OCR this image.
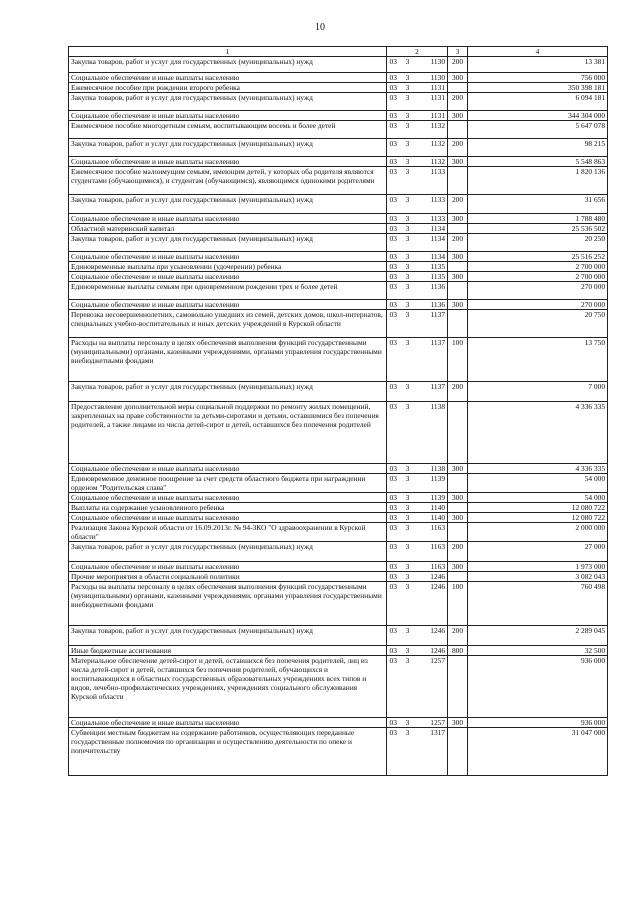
10
1	2			3	4
Закупка товаров, работ и услуг для государственных (муниципальных) нужд	03	3	1130	200	13 381
Социальное обеспечение и иные выплаты населению	03	3	1130	300	756 000
Ежемесячное пособие при рождении второго ребенка	03	3	1131		350 398 181
Закупка товаров, работ и услуг для государственных (муниципальных) нужд	03	3	1131	200	6 094 181
Социальное обеспечение и иные выплаты населению	03	3	1131	300	344 304 000
Ежемесячное пособие многодетным семьям, воспитывающим восемь и более детей	03	3	1132		5 647 078
Закупка товаров, работ и услуг для государственных (муниципальных) нужд	03	3	1132	200	98 215
Социальное обеспечение и иные выплаты населению	03	3	1132	300	5 548 863
Ежемесячное пособие малоимущим семьям, имеющим детей, у которых оба родителя являются студентами (обучающимися), и студентам (обучающимся), являющимся одинокими родителями	03	3	1133		1 820 136
Закупка товаров, работ и услуг для государственных (муниципальных) нужд	03	3	1133	200	31 656
Социальное обеспечение и иные выплаты населению	03	3	1133	300	1 788 480
Областной материнский капитал	03	3	1134		25 536 502
Закупка товаров, работ и услуг для государственных (муниципальных) нужд	03	3	1134	200	20 250
Социальное обеспечение и иные выплаты населению	03	3	1134	300	25 516 252
Единовременные выплаты при усыновлении (удочерении) ребенка	03	3	1135		2 700 000
Социальное обеспечение и иные выплаты населению	03	3	1135	300	2 700 000
Единовременные выплаты семьям при одновременном рождении трех и более детей	03	3	1136		270 000
Социальное обеспечение и иные выплаты населению	03	3	1136	300	270 000
Перевозка несовершеннолетних, самовольно ушедших из семей, детских домов, школ-интернатов, специальных учебно-воспитательных и иных детских учреждений в Курской области	03	3	1137		20 750
Расходы на выплаты персоналу в целях обеспечения выполнения функций государственными (муниципальными) органами, казенными учреждениями, органами управления государственными внебюджетными фондами	03	3	1137	100	13 750
Закупка товаров, работ и услуг для государственных (муниципальных) нужд	03	3	1137	200	7 000
Предоставление дополнительной меры социальной поддержки по ремонту жилых помещений, закрепленных на праве собственности за детьми-сиротами и детьми, оставшимися без попечения родителей, а также лицами из числа детей-сирот и детей, оставшихся без попечения родителей	03	3	1138		4 336 335
Социальное обеспечение и иные выплаты населению	03	3	1138	300	4 336 335
Единовременное денежное поощрение за счет средств областного бюджета при награждении орденом "Родительская слава"	03	3	1139		54 000
Социальное обеспечение и иные выплаты населению	03	3	1139	300	54 000
Выплаты на содержание усыновленного ребенка	03	3	1140		12 080 722
Социальное обеспечение и иные выплаты населению	03	3	1140	300	12 080 722
Реализация Закона Курской области от 16.09.2013г. № 94-ЗКО "О здравоохранении в Курской области"	03	3	1163		2 000 000
Закупка товаров, работ и услуг для государственных (муниципальных) нужд	03	3	1163	200	27 000
Социальное обеспечение и иные выплаты населению	03	3	1163	300	1 973 000
Прочие мероприятия в области социальной политики	03	3	1246		3 082 043
Расходы на выплаты персоналу в целях обеспечения выполнения функций государственными (муниципальными) органами, казенными учреждениями, органами управления государственными внебюджетными фондами	03	3	1246	100	760 498
Закупка товаров, работ и услуг для государственных (муниципальных) нужд	03	3	1246	200	2 289 045
Иные бюджетные ассигнования	03	3	1246	800	32 500
Материальное обеспечение детей-сирот и детей, оставшихся без попечения родителей, лиц из числа детей-сирот и детей, оставшихся без попечения родителей, обучающихся и воспитывающихся в областных государственных образовательных учреждениях всех типов и видов, лечебно-профилактических учреждениях, учреждениях социального обслуживания Курской области	03	3	1257		936 000
Социальное обеспечение и иные выплаты населению	03	3	1257	300	936 000
Субвенции местным бюджетам на содержание работников, осуществляющих переданные государственные полномочия по организации и осуществлению деятельности по опеке и попечительству	03	3	1317		31 047 000
